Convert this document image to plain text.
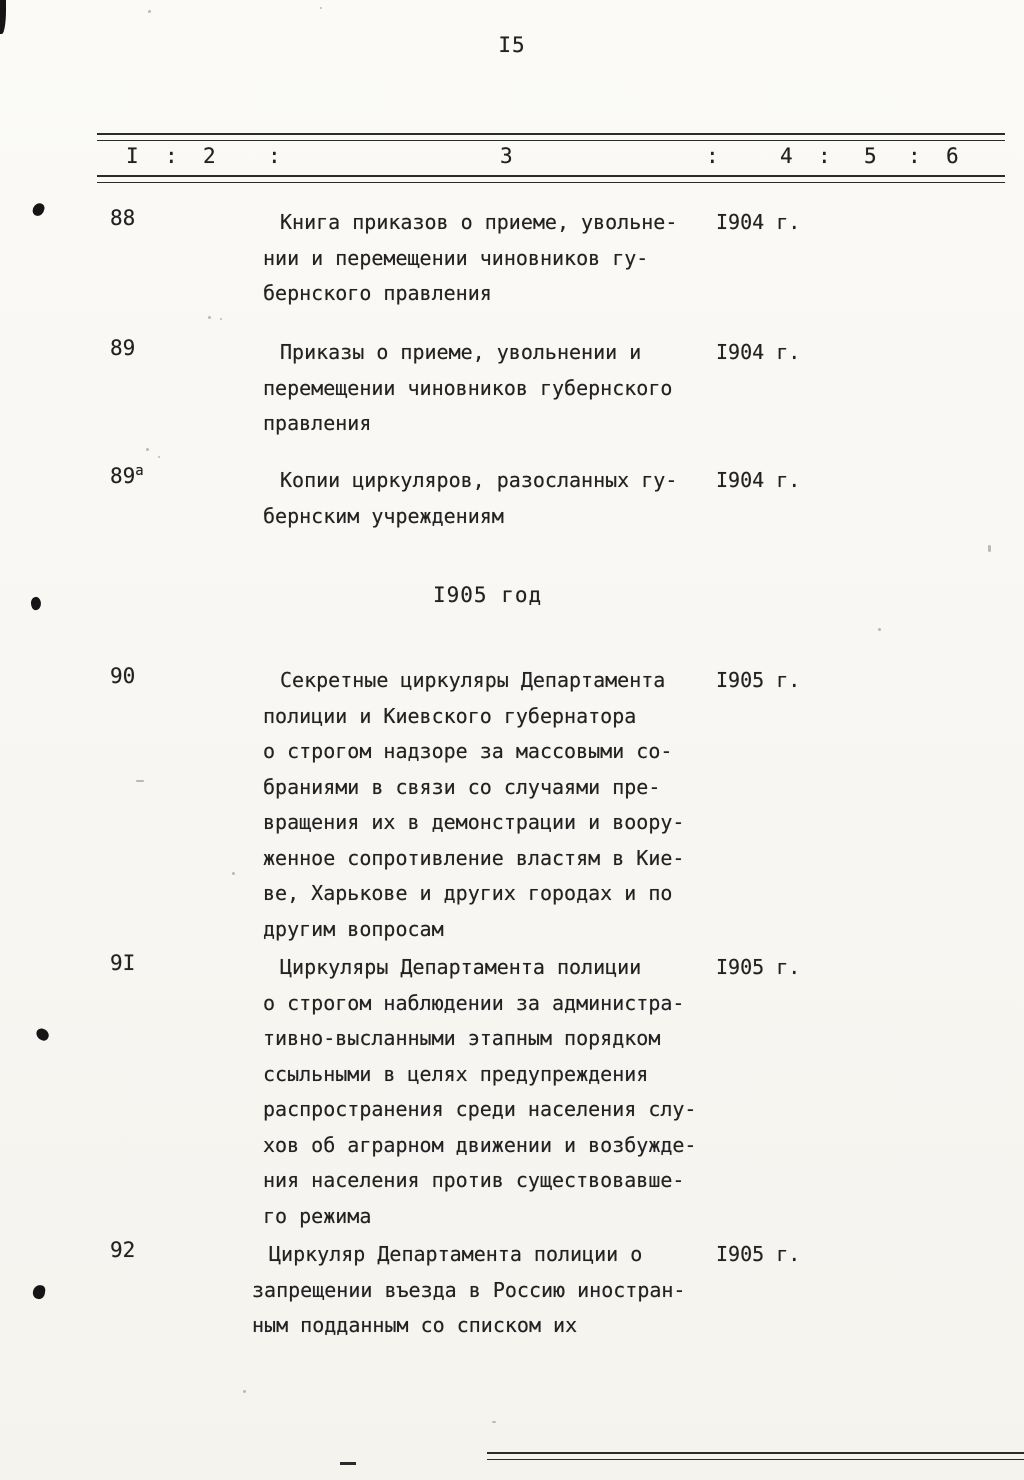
I5
I : 2 :	3	:	4 : 5 : 6
88	Книга приказов о приеме, увольне-
нии и перемещении чиновников гу-
бернского правления
I904 г.
89	Приказы о приеме, увольнении и
перемещении чиновников губернского
правления
I904 г.
$89^а$	Копии циркуляров, разосланных гу-
бернским учреждениям
I904 г.
I905 год
90	Секретные циркуляры Департамента
полиции и Киевского губернатора
о строгом надзоре за массовыми со-
браниями в связи со случаями пре-
вращения их в демонстрации и воору-
женное сопротивление властям в Кие-
ве, Харькове и других городах и по
другим вопросам
I905 г.
9I	Циркуляры Департамента полиции
о строгом наблюдении за администра-
тивно-высланными этапным порядком
ссыльными в целях предупреждения
распространения среди населения слу-
хов об аграрном движении и возбужде-
ния населения против существовавше-
го режима
I905 г.
92	Циркуляр Департамента полиции о
запрещении въезда в Россию иностран-
ным подданным со списком их
I905 г.
